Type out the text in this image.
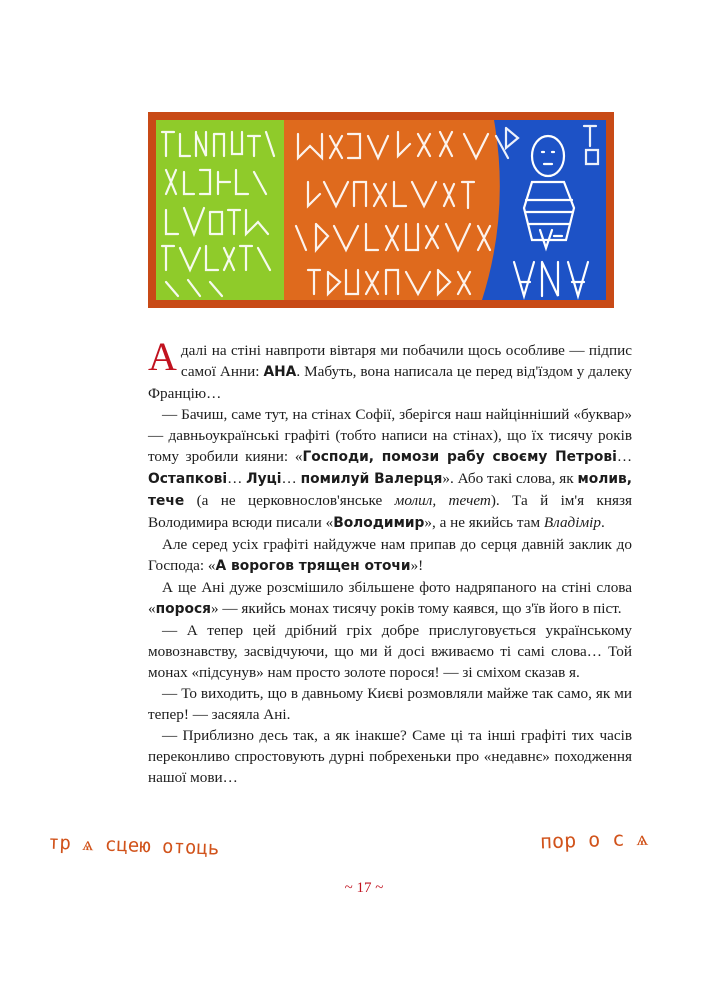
А далі на стіні навпроти вівтаря ми побачили щось особливе — підпис самої Анни: АНА. Мабуть, вона написала це перед від'їздом у далеку Францію…

— Бачиш, саме тут, на стінах Софії, зберігся наш найцінніший «буквар» — давньоукраїнські графіті (тобто написи на стінах), що їх тисячу років тому зробили кияни: «Господи, помози рабу своєму Петрові… Остапкові… Луці… помилуй Валерця». Або такі слова, як молив, тече (а не церковнослов'янське молил, течет). Та й ім'я князя Володимира всюди писали «Володимир», а не якийсь там Владімір.

Але серед усіх графіті найдужче нам припав до серця давній заклик до Господа: «А ворогов трящен оточи»!

А ще Ані дуже розсмішило збільшене фото надряпаного на стіні слова «порося» — якийсь монах тисячу років тому каявся, що з'їв його в піст.

— А тепер цей дрібний гріх добре прислуговується українському мовознавству, засвідчуючи, що ми й досі вживаємо ті самі слова… Той монах «підсунув» нам просто золоте порося! — зі сміхом сказав я.

— То виходить, що в давньому Києві розмовляли майже так само, як ми тепер! — засяяла Ані.

— Приблизно десь так, а як інакше? Саме ці та інші графіті тих часів переконливо спростовують дурні побрехеньки про «недавнє» походження нашої мови…

тр ѧ сцею отоць	пор о с ѧ
~ 17 ~
